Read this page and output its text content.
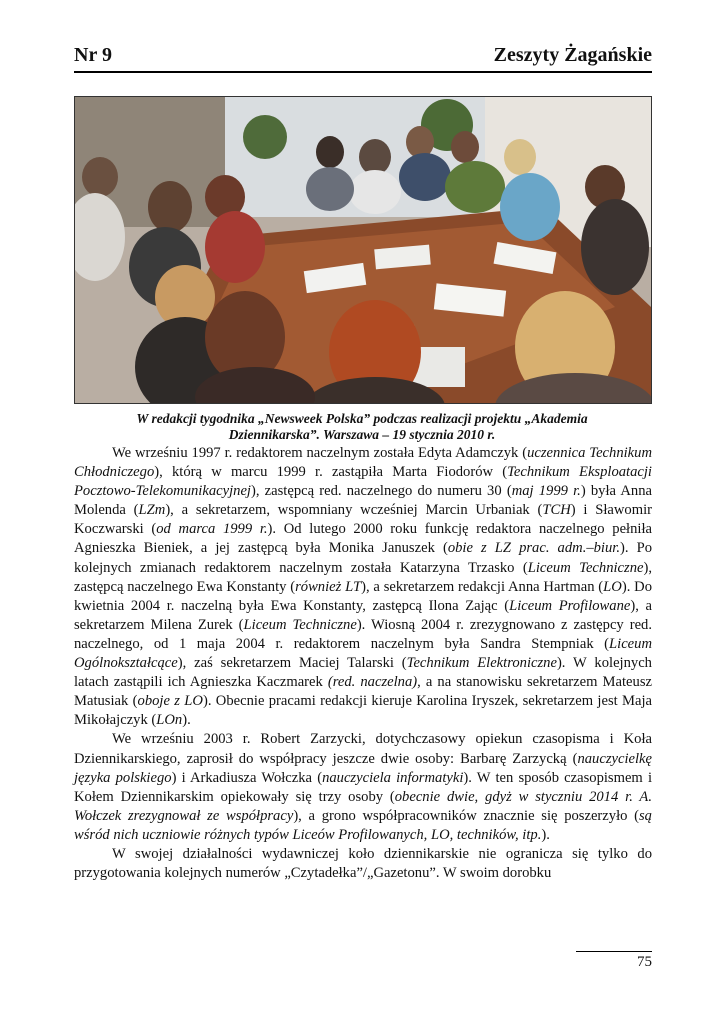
Nr 9	Zeszyty Żagańskie
W redakcji tygodnika „Newsweek Polska” podczas realizacji projektu „Akademia
Dziennikarska”. Warszawa – 19 stycznia 2010 r.

We wrześniu 1997 r. redaktorem naczelnym została Edyta Adamczyk (uczennica Technikum Chłodniczego), którą w marcu 1999 r. zastąpiła Marta Fiodorów (Technikum Eksploatacji Pocztowo-Telekomunikacyjnej), zastępcą red. naczelnego do numeru 30 (maj 1999 r.) była Anna Molenda (LZm), a sekretarzem, wspomniany wcześniej Marcin Urbaniak (TCH) i Sławomir Koczwarski (od marca 1999 r.). Od lutego 2000 roku funkcję redaktora naczelnego pełniła Agnieszka Bieniek, a jej zastępcą była Monika Januszek (obie z LZ prac. adm.–biur.). Po kolejnych zmianach redaktorem naczelnym została Katarzyna Trzasko (Liceum Techniczne), zastępcą naczelnego Ewa Konstanty (również LT), a sekretarzem redakcji Anna Hartman (LO). Do kwietnia 2004 r. naczelną była Ewa Konstanty, zastępcą Ilona Zając (Liceum Profilowane), a sekretarzem Milena Zurek (Liceum Techniczne). Wiosną 2004 r. zrezygnowano z zastępcy red. naczelnego, od 1 maja 2004 r. redaktorem naczelnym była Sandra Stempniak (Liceum Ogólnokształcące), zaś sekretarzem Maciej Talarski (Technikum Elektroniczne). W kolejnych latach zastąpili ich Agnieszka Kaczmarek (red. naczelna), a na stanowisku sekretarzem Mateusz Matusiak (oboje z LO). Obecnie pracami redakcji kieruje Karolina Iryszek, sekretarzem jest Maja Mikołajczyk (LOn).

We wrześniu 2003 r. Robert Zarzycki, dotychczasowy opiekun czasopisma i Koła Dziennikarskiego, zaprosił do współpracy jeszcze dwie osoby: Barbarę Zarzycką (nauczycielkę języka polskiego) i Arkadiusza Wołczka (nauczyciela informatyki). W ten sposób czasopismem i Kołem Dziennikarskim opiekowały się trzy osoby (obecnie dwie, gdyż w styczniu 2014 r. A. Wołczek zrezygnował ze współpracy), a grono współpracowników znacznie się poszerzyło (są wśród nich uczniowie różnych typów Liceów Profilowanych, LO, techników, itp.).

W swojej działalności wydawniczej koło dziennikarskie nie ogranicza się tylko do przygotowania kolejnych numerów „Czytadełka”/„Gazetonu”. W swoim dorobku

75
